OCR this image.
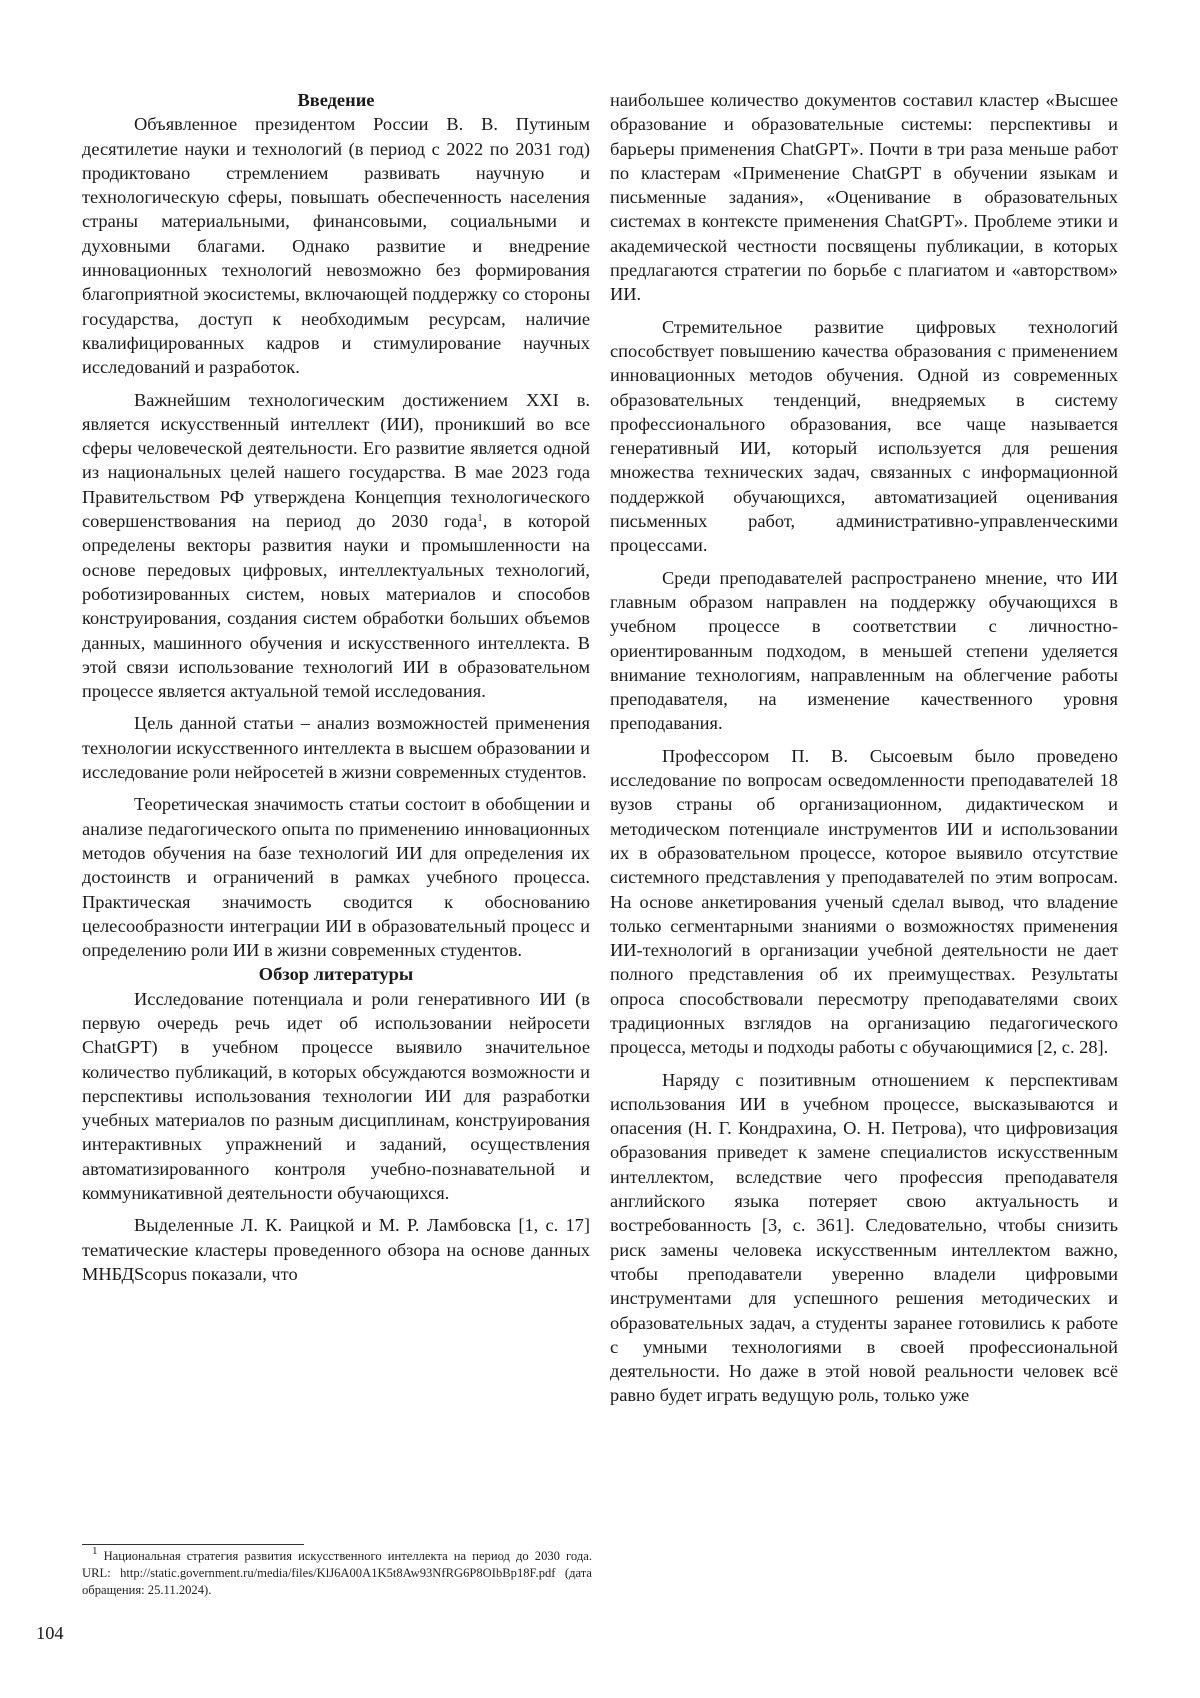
Введение

Объявленное президентом России В. В. Путиным десятилетие науки и технологий (в период с 2022 по 2031 год) продиктовано стремлением развивать научную и технологическую сферы, повышать обеспеченность населения страны материальными, финансовыми, социальными и духовными благами. Однако развитие и внедрение инновационных технологий невозможно без формирования благоприятной экосистемы, включающей поддержку со стороны государства, доступ к необходимым ресурсам, наличие квалифицированных кадров и стимулирование научных исследований и разработок.

Важнейшим технологическим достижением XXI в. является искусственный интеллект (ИИ), проникший во все сферы человеческой деятельности. Его развитие является одной из национальных целей нашего государства. В мае 2023 года Правительством РФ утверждена Концепция технологического совершенствования на период до 2030 года$^1$, в которой определены векторы развития науки и промышленности на основе передовых цифровых, интеллектуальных технологий, роботизированных систем, новых материалов и способов конструирования, создания систем обработки больших объемов данных, машинного обучения и искусственного интеллекта. В этой связи использование технологий ИИ в образовательном процессе является актуальной темой исследования.

Цель данной статьи – анализ возможностей применения технологии искусственного интеллекта в высшем образовании и исследование роли нейросетей в жизни современных студентов.

Теоретическая значимость статьи состоит в обобщении и анализе педагогического опыта по применению инновационных методов обучения на базе технологий ИИ для определения их достоинств и ограничений в рамках учебного процесса. Практическая значимость сводится к обоснованию целесообразности интеграции ИИ в образовательный процесс и определению роли ИИ в жизни современных студентов.

Обзор литературы

Исследование потенциала и роли генеративного ИИ (в первую очередь речь идет об использовании нейросети ChatGPT) в учебном процессе выявило значительное количество публикаций, в которых обсуждаются возможности и перспективы использования технологии ИИ для разработки учебных материалов по разным дисциплинам, конструирования интерактивных упражнений и заданий, осуществления автоматизированного контроля учебно-познавательной и коммуникативной деятельности обучающихся.

Выделенные Л. К. Раицкой и М. Р. Ламбовска [1, с. 17] тематические кластеры проведенного обзора на основе данных МНБДScopus показали, что

наибольшее количество документов составил кластер «Высшее образование и образовательные системы: перспективы и барьеры применения ChatGPT». Почти в три раза меньше работ по кластерам «Применение ChatGPT в обучении языкам и письменные задания», «Оценивание в образовательных системах в контексте применения ChatGPT». Проблеме этики и академической честности посвящены публикации, в которых предлагаются стратегии по борьбе с плагиатом и «авторством» ИИ.

Стремительное развитие цифровых технологий способствует повышению качества образования с применением инновационных методов обучения. Одной из современных образовательных тенденций, внедряемых в систему профессионального образования, все чаще называется генеративный ИИ, который используется для решения множества технических задач, связанных с информационной поддержкой обучающихся, автоматизацией оценивания письменных работ, административно-управленческими процессами.

Среди преподавателей распространено мнение, что ИИ главным образом направлен на поддержку обучающихся в учебном процессе в соответствии с личностно-ориентированным подходом, в меньшей степени уделяется внимание технологиям, направленным на облегчение работы преподавателя, на изменение качественного уровня преподавания.

Профессором П. В. Сысоевым было проведено исследование по вопросам осведомленности преподавателей 18 вузов страны об организационном, дидактическом и методическом потенциале инструментов ИИ и использовании их в образовательном процессе, которое выявило отсутствие системного представления у преподавателей по этим вопросам. На основе анкетирования ученый сделал вывод, что владение только сегментарными знаниями о возможностях применения ИИ-технологий в организации учебной деятельности не дает полного представления об их преимуществах. Результаты опроса способствовали пересмотру преподавателями своих традиционных взглядов на организацию педагогического процесса, методы и подходы работы с обучающимися [2, с. 28].

Наряду с позитивным отношением к перспективам использования ИИ в учебном процессе, высказываются и опасения (Н. Г. Кондрахина, О. Н. Петрова), что цифровизация образования приведет к замене специалистов искусственным интеллектом, вследствие чего профессия преподавателя английского языка потеряет свою актуальность и востребованность [3, с. 361]. Следовательно, чтобы снизить риск замены человека искусственным интеллектом важно, чтобы преподаватели уверенно владели цифровыми инструментами для успешного решения методических и образовательных задач, а студенты заранее готовились к работе с умными технологиями в своей профессиональной деятельности. Но даже в этой новой реальности человек всё равно будет играть ведущую роль, только уже

$^1$ Национальная стратегия развития искусственного интеллекта на период до 2030 года. URL: http://static.government.ru/media/files/KlJ6A00A1K5t8Aw93NfRG6P8OIbBp18F.pdf (дата обращения: 25.11.2024).
104
